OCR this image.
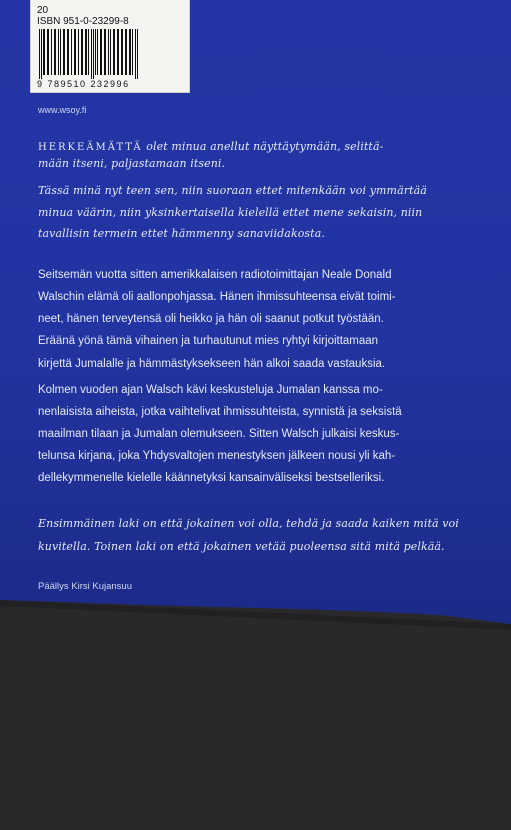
20
ISBN 951-0-23299-8
9 789510 232996
www.wsoy.fi
HERKEÄMÄTTÄ olet minua anellut näyttäytymään, selittä-
mään itseni, paljastamaan itseni.
Tässä minä nyt teen sen, niin suoraan ettet mitenkään voi ymmärtää
minua väärin, niin yksinkertaisella kielellä ettet mene sekaisin, niin
tavallisin termein ettet hämmenny sanaviidakosta.
Seitsemän vuotta sitten amerikkalaisen radiotoimittajan Neale Donald
Walschin elämä oli aallonpohjassa. Hänen ihmissuhteensa eivät toimi-
neet, hänen terveytensä oli heikko ja hän oli saanut potkut työstään.
Eräänä yönä tämä vihainen ja turhautunut mies ryhtyi kirjoittamaan
kirjettä Jumalalle ja hämmästyksekseen hän alkoi saada vastauksia.
Kolmen vuoden ajan Walsch kävi keskusteluja Jumalan kanssa mo-
nenlaisista aiheista, jotka vaihtelivat ihmissuhteista, synnistä ja seksistä
maailman tilaan ja Jumalan olemukseen. Sitten Walsch julkaisi keskus-
telunsa kirjana, joka Yhdysvaltojen menestyksen jälkeen nousi yli kah-
dellekymmenelle kielelle käännetyksi kansainväliseksi bestselleriksi.
Ensimmäinen laki on että jokainen voi olla, tehdä ja saada kaiken mitä voi
kuvitella. Toinen laki on että jokainen vetää puoleensa sitä mitä pelkää.
Päällys Kirsi Kujansuu
